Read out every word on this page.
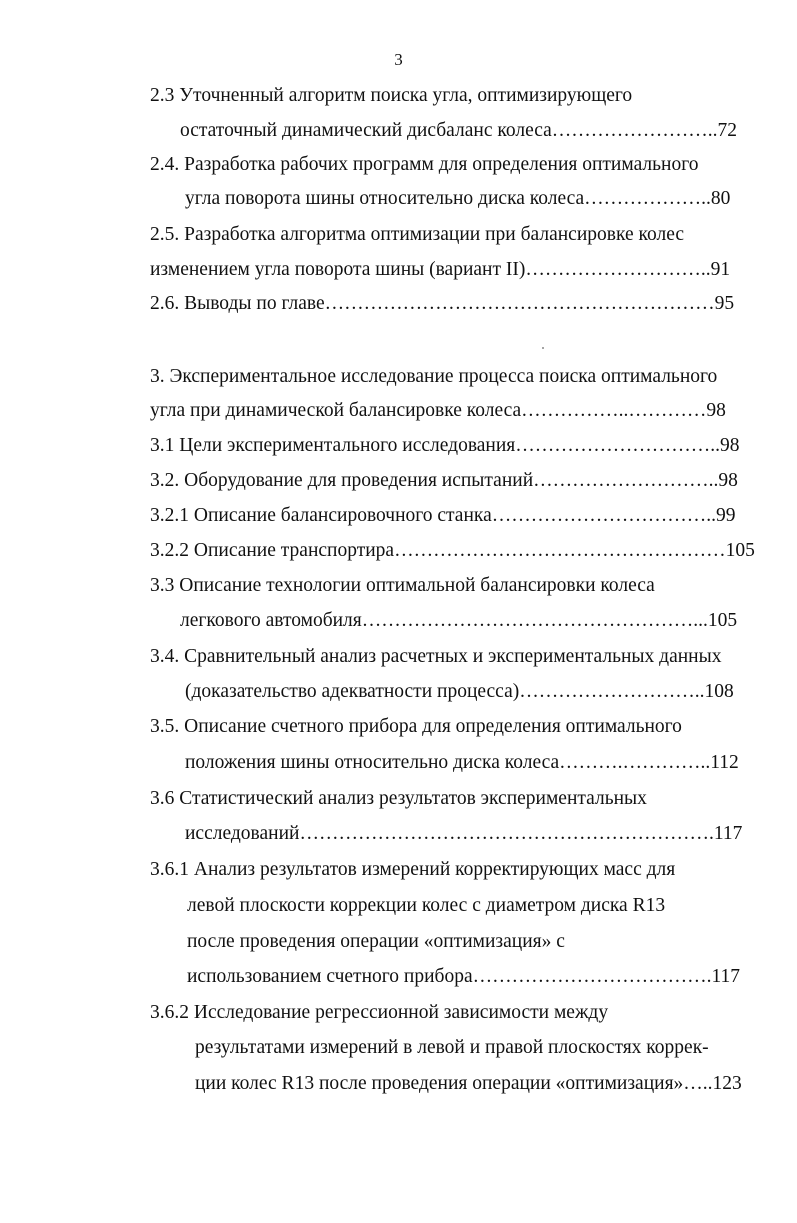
3
2.3 Уточненный алгоритм поиска угла, оптимизирующего
остаточный динамический дисбаланс колеса……………………..72
2.4. Разработка рабочих программ для определения оптимального
угла поворота шины относительно диска колеса………………..80
2.5. Разработка алгоритма оптимизации при балансировке колес
изменением угла поворота шины (вариант II)………………………..91
2.6. Выводы по главе……………………………………………………95
3. Экспериментальное исследование процесса поиска оптимального
угла при динамической балансировке колеса……………..…………98
3.1 Цели экспериментального исследования…………………………..98
3.2. Оборудование для проведения испытаний………………………..98
3.2.1 Описание балансировочного станка……………………………..99
3.2.2 Описание транспортира……………………………………………105
3.3 Описание технологии оптимальной балансировки колеса
легкового автомобиля……………………………………………...105
3.4. Сравнительный анализ расчетных и экспериментальных данных
(доказательство адекватности процесса)………………………..108
3.5. Описание счетного прибора для определения оптимального
положения шины относительно диска колеса……….…………..112
3.6 Статистический анализ результатов экспериментальных
исследований……………………………………………………….117
3.6.1 Анализ результатов измерений корректирующих масс для
левой плоскости коррекции колес с диаметром диска R13
после проведения операции «оптимизация» с
использованием счетного прибора……………………………….117
3.6.2 Исследование регрессионной зависимости между
результатами измерений в левой и правой плоскостях коррек-
ции колес R13 после проведения операции «оптимизация»…..123
